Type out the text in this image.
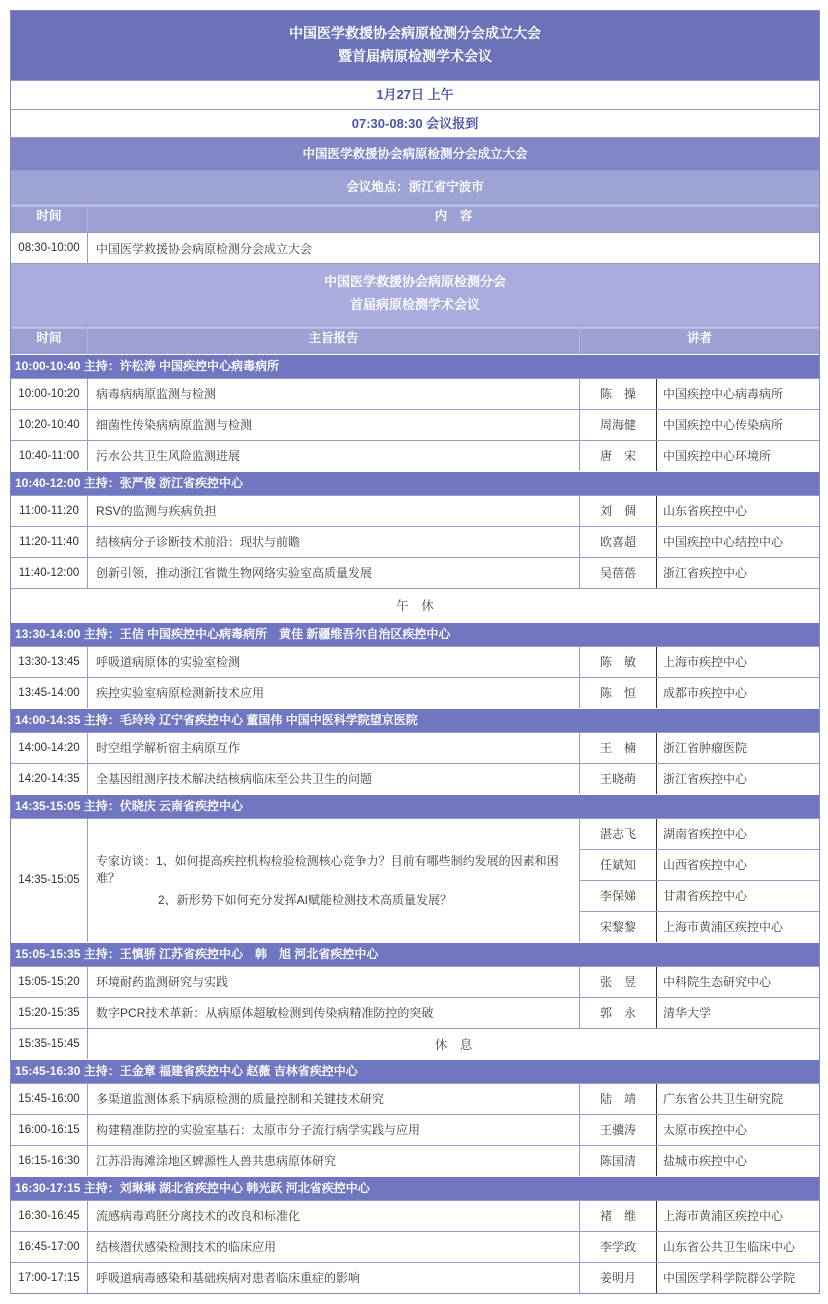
中国医学救援协会病原检测分会成立大会
暨首届病原检测学术会议
1月27日 上午
07:30-08:30 会议报到
中国医学救援协会病原检测分会成立大会
会议地点：浙江省宁波市
时间	内　容
08:30-10:00	中国医学救援协会病原检测分会成立大会
中国医学救援协会病原检测分会
首届病原检测学术会议
时间	主旨报告	讲者
10:00-10:40 主持：许松涛 中国疾控中心病毒病所
10:00-10:20	病毒病病原监测与检测	陈　操	中国疾控中心病毒病所
10:20-10:40	细菌性传染病病原监测与检测	周海健	中国疾控中心传染病所
10:40-11:00	污水公共卫生风险监测进展	唐　宋	中国疾控中心环境所
10:40-12:00 主持：张严俊 浙江省疾控中心
11:00-11:20	RSV的监测与疾病负担	刘　倜	山东省疾控中心
11:20-11:40	结核病分子诊断技术前沿：现状与前瞻	欧喜超	中国疾控中心结控中心
11:40-12:00	创新引领，推动浙江省微生物网络实验室高质量发展	吴蓓蓓	浙江省疾控中心
午　休
13:30-14:00 主持：王佶 中国疾控中心病毒病所　黄佳 新疆维吾尔自治区疾控中心
13:30-13:45	呼吸道病原体的实验室检测	陈　敏	上海市疾控中心
13:45-14:00	疾控实验室病原检测新技术应用	陈　恒	成都市疾控中心
14:00-14:35 主持：毛玲玲 辽宁省疾控中心 董国伟 中国中医科学院望京医院
14:00-14:20	时空组学解析宿主病原互作	王　楠	浙江省肿瘤医院
14:20-14:35	全基因组测序技术解决结核病临床至公共卫生的问题	王晓萌	浙江省疾控中心
14:35-15:05 主持：伏晓庆 云南省疾控中心
14:35-15:05
专家访谈：1、如何提高疾控机构检验检测核心竞争力？目前有哪些制约发展的因素和困难？
2、新形势下如何充分发挥AI赋能检测技术高质量发展？
湛志飞	湖南省疾控中心
任斌知	山西省疾控中心
李保娣	甘肃省疾控中心
宋黎黎	上海市黄浦区疾控中心
15:05-15:35 主持：王慎骄 江苏省疾控中心　韩　旭 河北省疾控中心
15:05-15:20	环境耐药监测研究与实践	张　昱	中科院生态研究中心
15:20-15:35	数字PCR技术革新：从病原体超敏检测到传染病精准防控的突破	郭　永	清华大学
15:35-15:45	休　息
15:45-16:30 主持：王金章 福建省疾控中心 赵薇 吉林省疾控中心
15:45-16:00	多渠道监测体系下病原检测的质量控制和关键技术研究	陆　靖	广东省公共卫生研究院
16:00-16:15	构建精准防控的实验室基石：太原市分子流行病学实践与应用	王骥涛	太原市疾控中心
16:15-16:30	江苏沿海滩涂地区蜱源性人兽共患病原体研究	陈国清	盐城市疾控中心
16:30-17:15 主持：刘琳琳 湖北省疾控中心 韩光跃 河北省疾控中心
16:30-16:45	流感病毒鸡胚分离技术的改良和标准化	褚　维	上海市黄浦区疾控中心
16:45-17:00	结核潜伏感染检测技术的临床应用	李学政	山东省公共卫生临床中心
17:00-17:15	呼吸道病毒感染和基础疾病对患者临床重症的影响	姜明月	中国医学科学院群公学院
